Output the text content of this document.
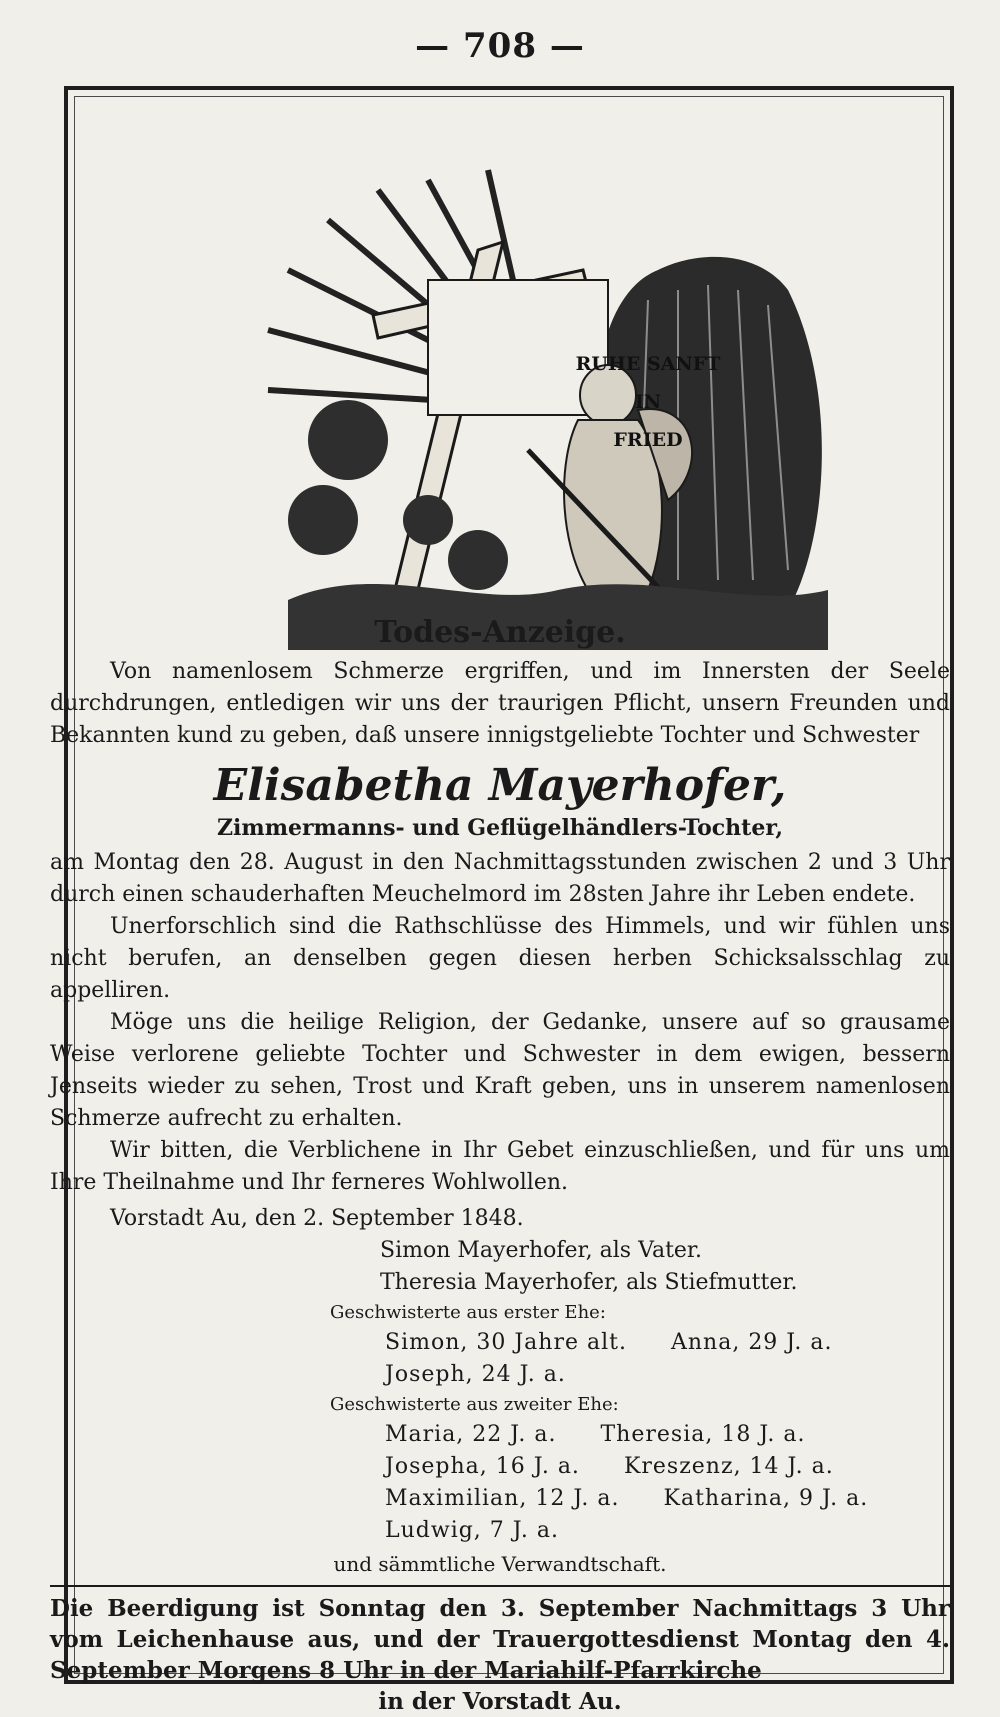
— 708 —
RUHE SANFT
IN
FRIED
Todes-Anzeige.

Von namenlosem Schmerze ergriffen, und im Innersten der Seele durchdrungen, entledigen wir uns der traurigen Pflicht, unsern Freunden und Bekannten kund zu geben, daß unsere innigstgeliebte Tochter und Schwester

Elisabetha Mayerhofer,
Zimmermanns- und Geflügelhändlers-Tochter,

am Montag den 28. August in den Nachmittagsstunden zwischen 2 und 3 Uhr durch einen schauderhaften Meuchelmord im 28sten Jahre ihr Leben endete.

Unerforschlich sind die Rathschlüsse des Himmels, und wir fühlen uns nicht berufen, an denselben gegen diesen herben Schicksalsschlag zu appelliren.

Möge uns die heilige Religion, der Gedanke, unsere auf so grausame Weise verlorene geliebte Tochter und Schwester in dem ewigen, bessern Jenseits wieder zu sehen, Trost und Kraft geben, uns in unserem namenlosen Schmerze aufrecht zu erhalten.

Wir bitten, die Verblichene in Ihr Gebet einzuschließen, und für uns um Ihre Theilnahme und Ihr ferneres Wohlwollen.

Vorstadt Au, den 2. September 1848.
Simon Mayerhofer, als Vater.
Theresia Mayerhofer, als Stiefmutter.
Geschwisterte aus erster Ehe:
Simon, 30 Jahre alt. Anna, 29 J. a.
Joseph, 24 J. a.
Geschwisterte aus zweiter Ehe:
Maria, 22 J. a. Theresia, 18 J. a.
Josepha, 16 J. a. Kreszenz, 14 J. a.
Maximilian, 12 J. a. Katharina, 9 J. a.
Ludwig, 7 J. a.
und sämmtliche Verwandtschaft.

Die Beerdigung ist Sonntag den 3. September Nachmittags 3 Uhr vom Leichenhause aus, und der Trauergottesdienst Montag den 4. September Morgens 8 Uhr in der Mariahilf-Pfarrkirche

in der Vorstadt Au.
